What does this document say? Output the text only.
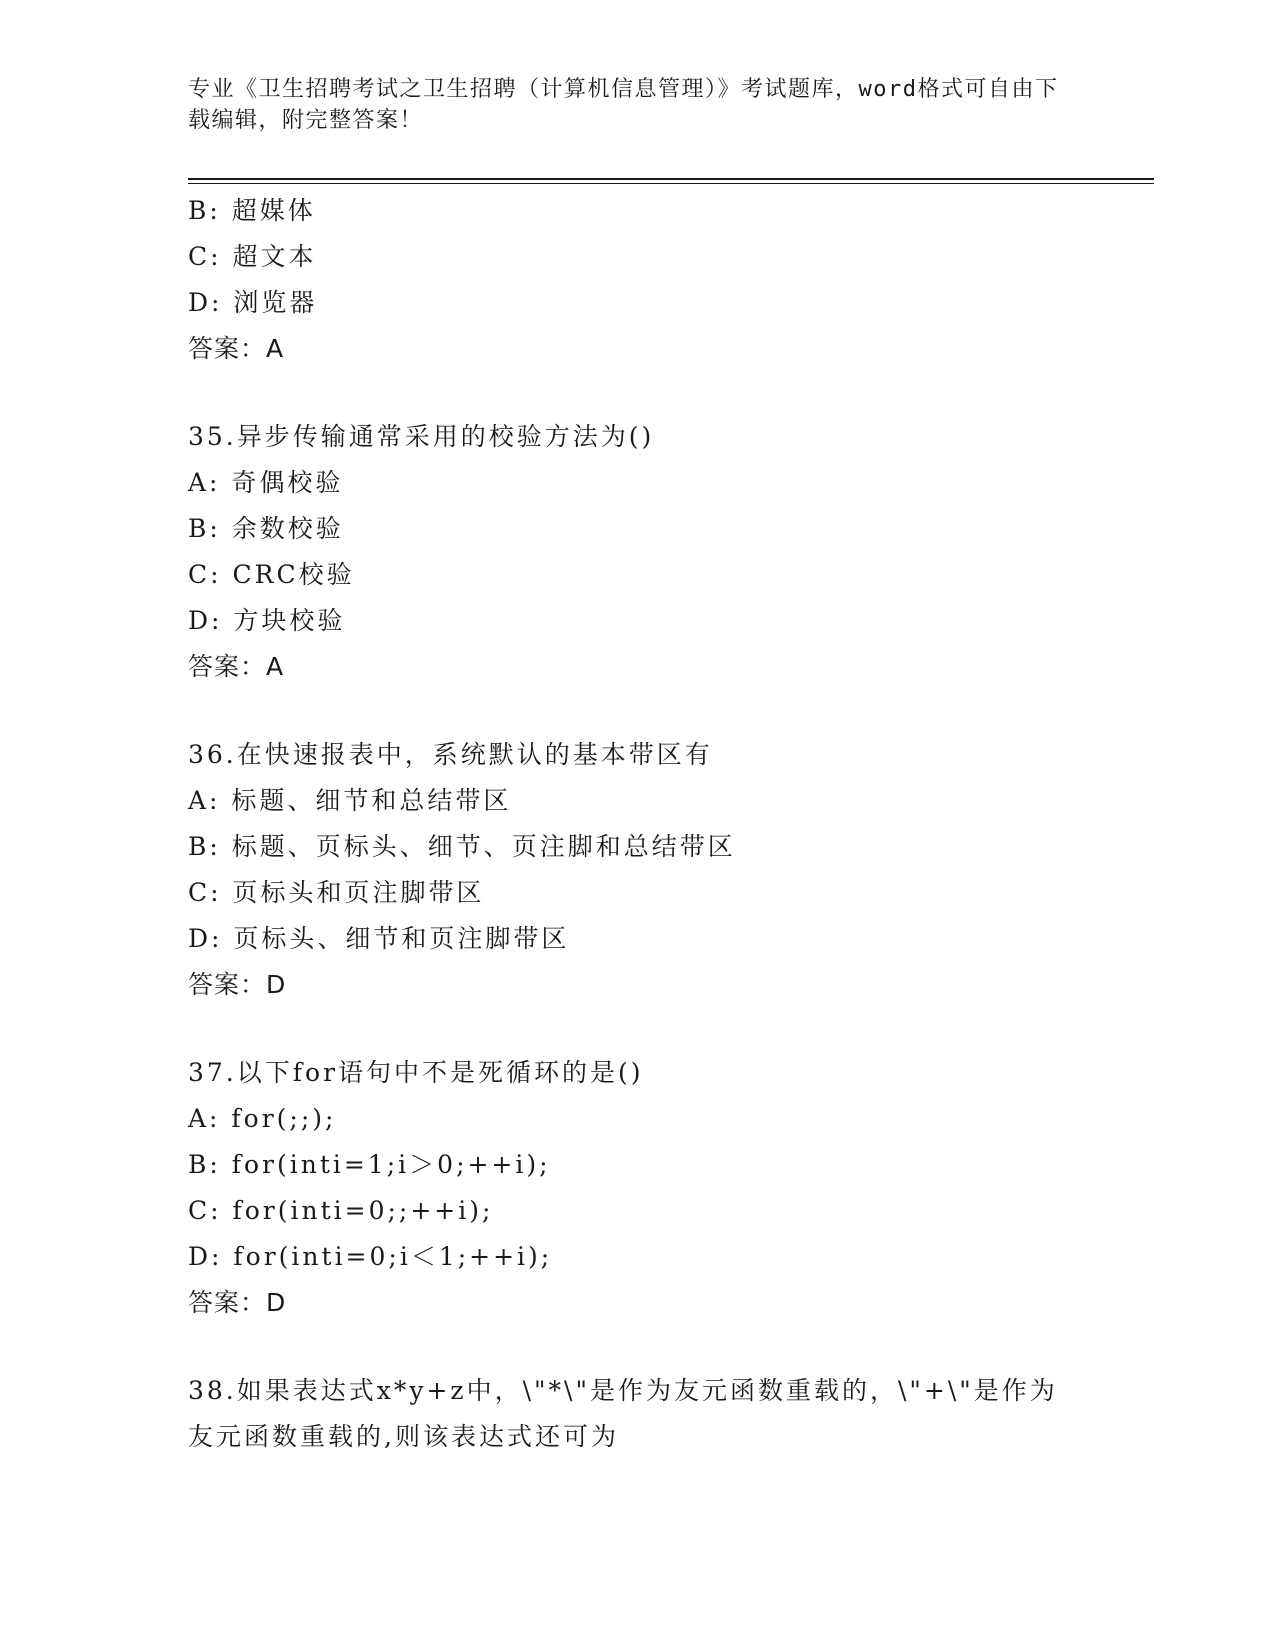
专业《卫生招聘考试之卫生招聘（计算机信息管理）》考试题库，word格式可自由下载编辑，附完整答案！
B: 超媒体
C: 超文本
D: 浏览器
答案：A
35.异步传输通常采用的校验方法为()
A: 奇偶校验
B: 余数校验
C: CRC校验
D: 方块校验
答案：A
36.在快速报表中，系统默认的基本带区有
A: 标题、细节和总结带区
B: 标题、页标头、细节、页注脚和总结带区
C: 页标头和页注脚带区
D: 页标头、细节和页注脚带区
答案：D
37.以下for语句中不是死循环的是()
A: for(;;);
B: for(inti=1;i＞0;++i);
C: for(inti=0;;++i);
D: for(inti=0;i＜1;++i);
答案：D
38.如果表达式x*y+z中，\"*\"是作为友元函数重载的，\"+\"是作为
友元函数重载的,则该表达式还可为
